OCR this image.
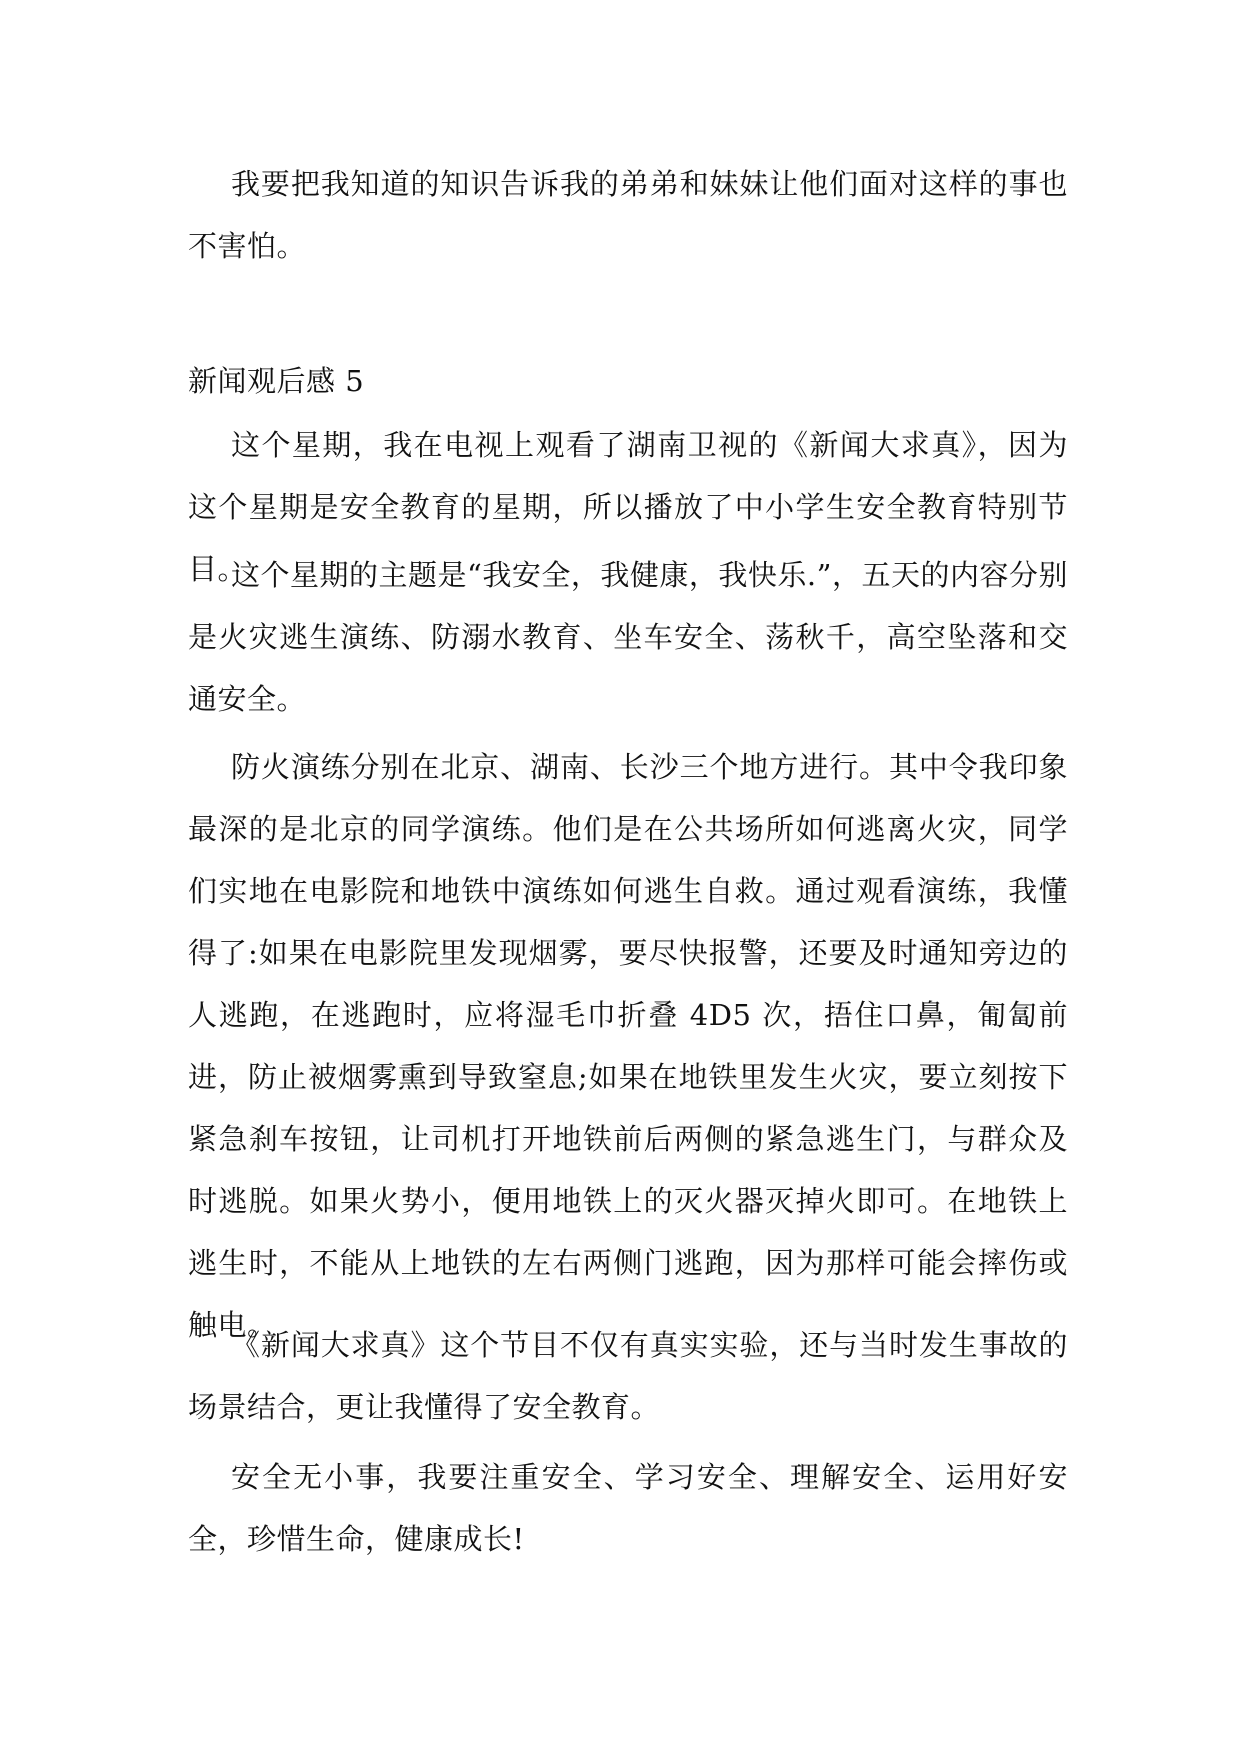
我要把我知道的知识告诉我的弟弟和妹妹让他们面对这样的事也不害怕。

新闻观后感 5

这个星期，我在电视上观看了湖南卫视的《新闻大求真》，因为这个星期是安全教育的星期，所以播放了中小学生安全教育特别节目。

这个星期的主题是“我安全，我健康，我快乐.”，五天的内容分别是火灾逃生演练、防溺水教育、坐车安全、荡秋千，高空坠落和交通安全。

防火演练分别在北京、湖南、长沙三个地方进行。其中令我印象最深的是北京的同学演练。他们是在公共场所如何逃离火灾，同学们实地在电影院和地铁中演练如何逃生自救。通过观看演练，我懂得了:如果在电影院里发现烟雾，要尽快报警，还要及时通知旁边的人逃跑，在逃跑时，应将湿毛巾折叠 4D5 次，捂住口鼻，匍匐前进，防止被烟雾熏到导致窒息;如果在地铁里发生火灾，要立刻按下紧急刹车按钮，让司机打开地铁前后两侧的紧急逃生门，与群众及时逃脱。如果火势小，便用地铁上的灭火器灭掉火即可。在地铁上逃生时，不能从上地铁的左右两侧门逃跑，因为那样可能会摔伤或触电。

《新闻大求真》这个节目不仅有真实实验，还与当时发生事故的场景结合，更让我懂得了安全教育。

安全无小事，我要注重安全、学习安全、理解安全、运用好安全，珍惜生命，健康成长!
